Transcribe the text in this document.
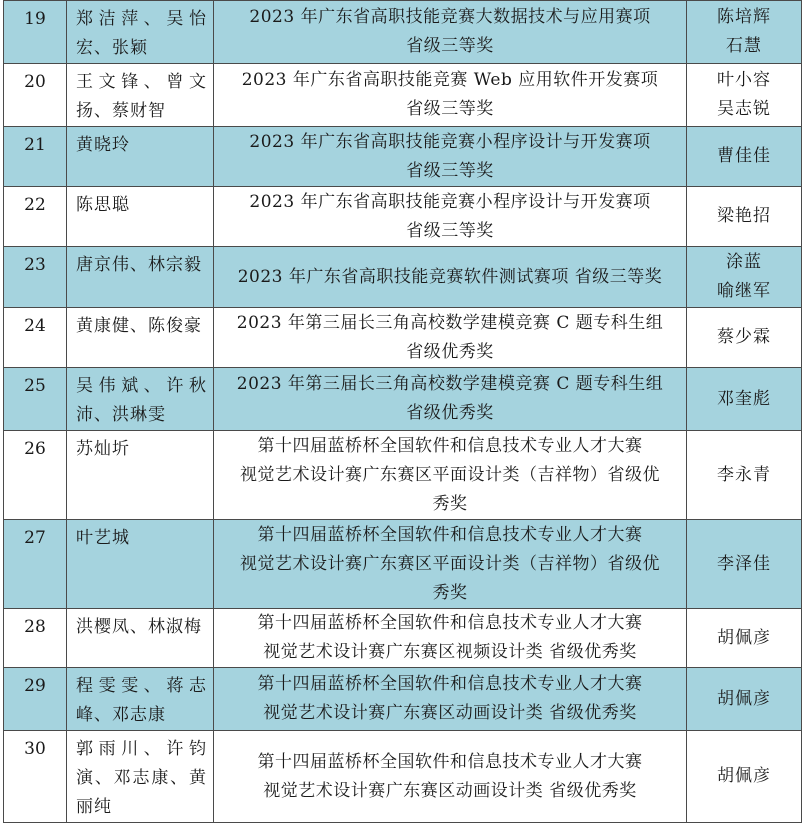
19	郑洁萍、吴怡宏、张颖	2023 年广东省高职技能竞赛大数据技术与应用赛项
省级三等奖	陈培辉
石慧

20	王文锋、曾文扬、蔡财智	2023 年广东省高职技能竞赛 Web 应用软件开发赛项
省级三等奖	叶小容
吴志锐

21	黄晓玲	2023 年广东省高职技能竞赛小程序设计与开发赛项
省级三等奖	曹佳佳

22	陈思聪	2023 年广东省高职技能竞赛小程序设计与开发赛项
省级三等奖	梁艳招

23	唐京伟、林宗毅	2023 年广东省高职技能竞赛软件测试赛项 省级三等奖	涂蓝
喻继军

24	黄康健、陈俊豪	2023 年第三届长三角高校数学建模竞赛 C 题专科生组
省级优秀奖	蔡少霖

25	吴伟斌、许秋沛、洪琳雯	2023 年第三届长三角高校数学建模竞赛 C 题专科生组
省级优秀奖	邓奎彪

26	苏灿圻	第十四届蓝桥杯全国软件和信息技术专业人才大赛
视觉艺术设计赛广东赛区平面设计类（吉祥物）省级优
秀奖	李永青

27	叶艺城	第十四届蓝桥杯全国软件和信息技术专业人才大赛
视觉艺术设计赛广东赛区平面设计类（吉祥物）省级优
秀奖	李泽佳

28	洪樱凤、林淑梅	第十四届蓝桥杯全国软件和信息技术专业人才大赛
视觉艺术设计赛广东赛区视频设计类 省级优秀奖	胡佩彦

29	程雯雯、蒋志峰、邓志康	第十四届蓝桥杯全国软件和信息技术专业人才大赛
视觉艺术设计赛广东赛区动画设计类 省级优秀奖	胡佩彦

30	郭雨川、许钧演、邓志康、黄丽纯	第十四届蓝桥杯全国软件和信息技术专业人才大赛
视觉艺术设计赛广东赛区动画设计类 省级优秀奖	胡佩彦
